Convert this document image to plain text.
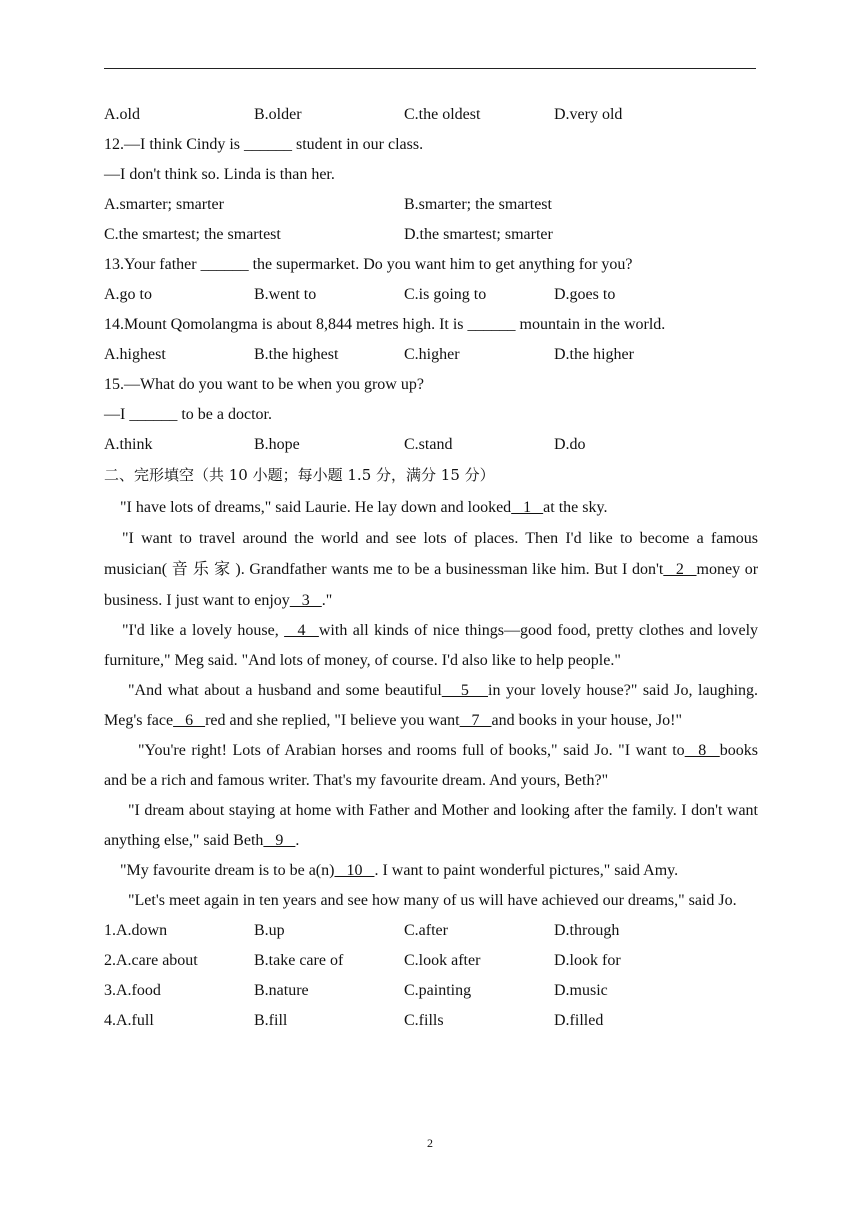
A.old	B.older	C.the oldest	D.very old
12.—I think Cindy is ______ student in our class.
—I don't think so. Linda is than her.
A.smarter; smarter	B.smarter; the smartest
C.the smartest; the smartest	D.the smartest; smarter
13.Your father ______ the supermarket. Do you want him to get anything for you?
A.go to	B.went to	C.is going to	D.goes to
14.Mount Qomolangma is about 8,844 metres high. It is ______ mountain in the world.
A.highest	B.the highest	C.higher	D.the higher
15.—What do you want to be when you grow up?
—I ______ to be a doctor.
A.think	B.hope	C.stand	D.do
二、完形填空（共 10 小题；每小题 1.5 分，满分 15 分）

"I have lots of dreams," said Laurie. He lay down and looked  1  at the sky.

"I want to travel around the world and see lots of places. Then I'd like to become a famous musician( 音 乐 家 ). Grandfather wants me to be a businessman like him. But I don't  2  money or business. I just want to enjoy  3  ."

"I'd like a lovely house,   4  with all kinds of nice things—good food, pretty clothes and lovely furniture," Meg said. "And lots of money, of course. I'd also like to help people."

"And what about a husband and some beautiful   5   in your lovely house?" said Jo, laughing. Meg's face  6  red and she replied, "I believe you want  7  and books in your house, Jo!"

"You're right! Lots of Arabian horses and rooms full of books," said Jo. "I want to  8  books and be a rich and famous writer. That's my favourite dream. And yours, Beth?"

"I dream about staying at home with Father and Mother and looking after the family. I don't want anything else," said Beth  9  .

"My favourite dream is to be a(n)  10  . I want to paint wonderful pictures," said Amy.

"Let's meet again in ten years and see how many of us will have achieved our dreams," said Jo.

1.A.down	B.up	C.after	D.through
2.A.care about	B.take care of	C.look after	D.look for
3.A.food	B.nature	C.painting	D.music
4.A.full	B.fill	C.fills	D.filled
2
